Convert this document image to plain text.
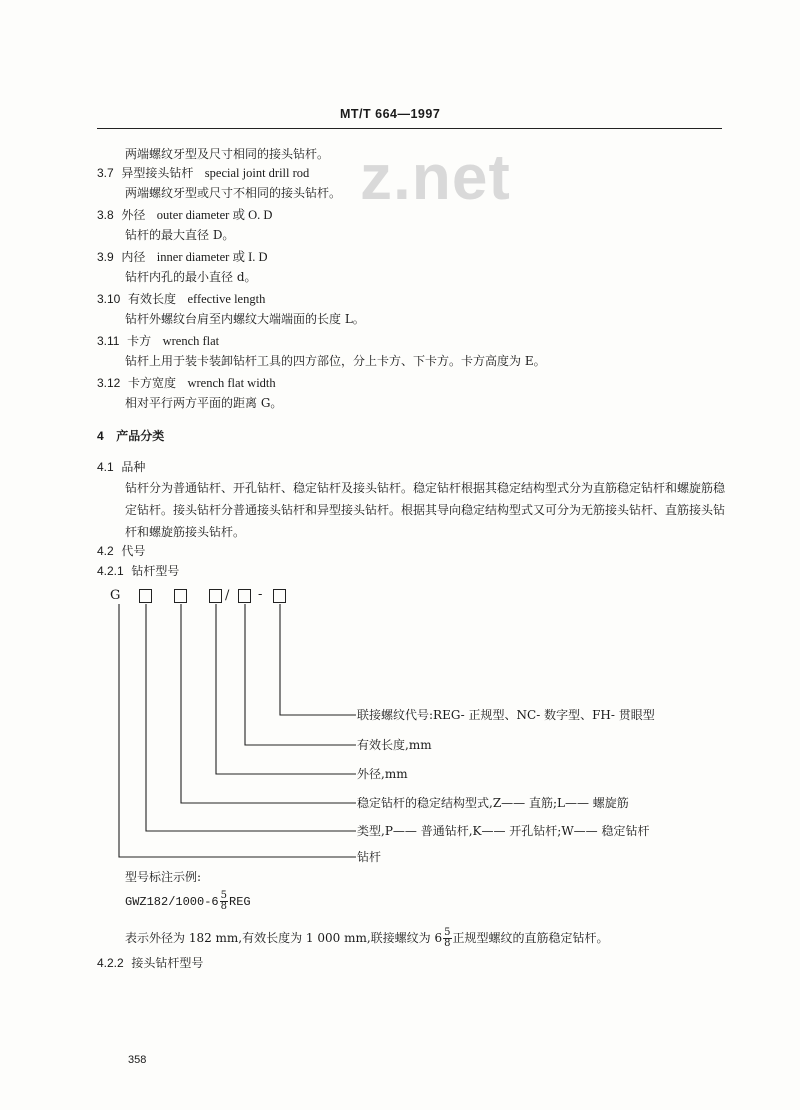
MT/T 664—1997
z.net
两端螺纹牙型及尺寸相同的接头钻杆。
3.7 异型接头钻杆 special joint drill rod
两端螺纹牙型或尺寸不相同的接头钻杆。
3.8 外径 outer diameter 或 O. D
钻杆的最大直径 D。
3.9 内径 inner diameter 或 I. D
钻杆内孔的最小直径 d。
3.10 有效长度 effective length
钻杆外螺纹台肩至内螺纹大端端面的长度 L。
3.11 卡方 wrench flat
钻杆上用于装卡装卸钻杆工具的四方部位，分上卡方、下卡方。卡方高度为 E。
3.12 卡方宽度 wrench flat width
相对平行两方平面的距离 G。
4 产品分类
4.1 品种
钻杆分为普通钻杆、开孔钻杆、稳定钻杆及接头钻杆。稳定钻杆根据其稳定结构型式分为直筋稳定钻杆和螺旋筋稳定钻杆。接头钻杆分普通接头钻杆和异型接头钻杆。根据其导向稳定结构型式又可分为无筋接头钻杆、直筋接头钻杆和螺旋筋接头钻杆。
4.2 代号
4.2.1 钻杆型号
G	/ -
联接螺纹代号:REG- 正规型、NC- 数字型、FH- 贯眼型
有效长度,mm
外径,mm
稳定钻杆的稳定结构型式,Z—— 直筋;L—— 螺旋筋
类型,P—— 普通钻杆,K—— 开孔钻杆;W—— 稳定钻杆
钻杆
型号标注示例:
$GWZ182/1000-6 \frac{5}{8}$ REG
表示外径为 182 mm,有效长度为 1 000 mm,联接螺纹为 $6 \frac{5}{8}$ 正规型螺纹的直筋稳定钻杆。
4.2.2 接头钻杆型号
358
